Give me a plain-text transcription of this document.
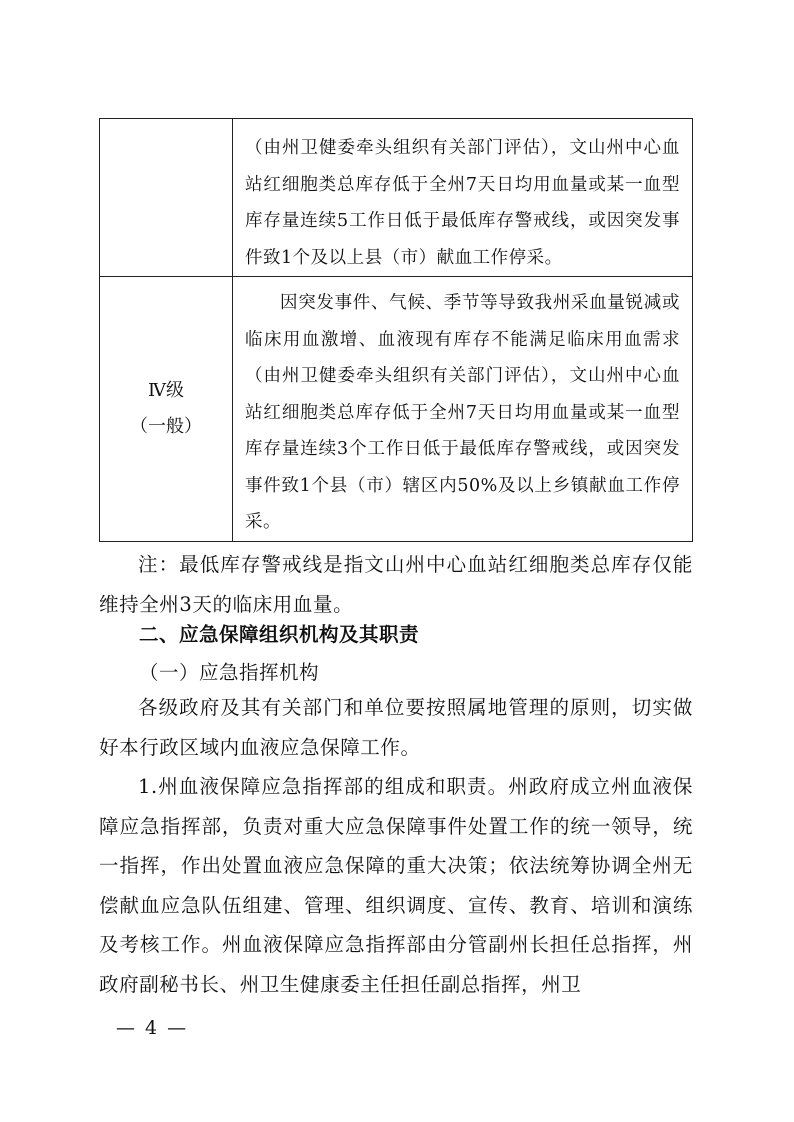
	（由州卫健委牵头组织有关部门评估），文山州中心血站红细胞类总库存低于全州7天日均用血量或某一血型库存量连续5工作日低于最低库存警戒线，或因突发事件致1个及以上县（市）献血工作停采。

Ⅳ级
（一般）	因突发事件、气候、季节等导致我州采血量锐减或临床用血激增、血液现有库存不能满足临床用血需求（由州卫健委牵头组织有关部门评估），文山州中心血站红细胞类总库存低于全州7天日均用血量或某一血型库存量连续3个工作日低于最低库存警戒线，或因突发事件致1个县（市）辖区内50%及以上乡镇献血工作停采。

注：最低库存警戒线是指文山州中心血站红细胞类总库存仅能维持全州3天的临床用血量。

二、应急保障组织机构及其职责
（一）应急指挥机构

各级政府及其有关部门和单位要按照属地管理的原则，切实做好本行政区域内血液应急保障工作。

1.州血液保障应急指挥部的组成和职责。州政府成立州血液保障应急指挥部，负责对重大应急保障事件处置工作的统一领导，统一指挥，作出处置血液应急保障的重大决策；依法统筹协调全州无偿献血应急队伍组建、管理、组织调度、宣传、教育、培训和演练及考核工作。州血液保障应急指挥部由分管副州长担任总指挥，州政府副秘书长、州卫生健康委主任担任副总指挥，州卫

— 4 —
